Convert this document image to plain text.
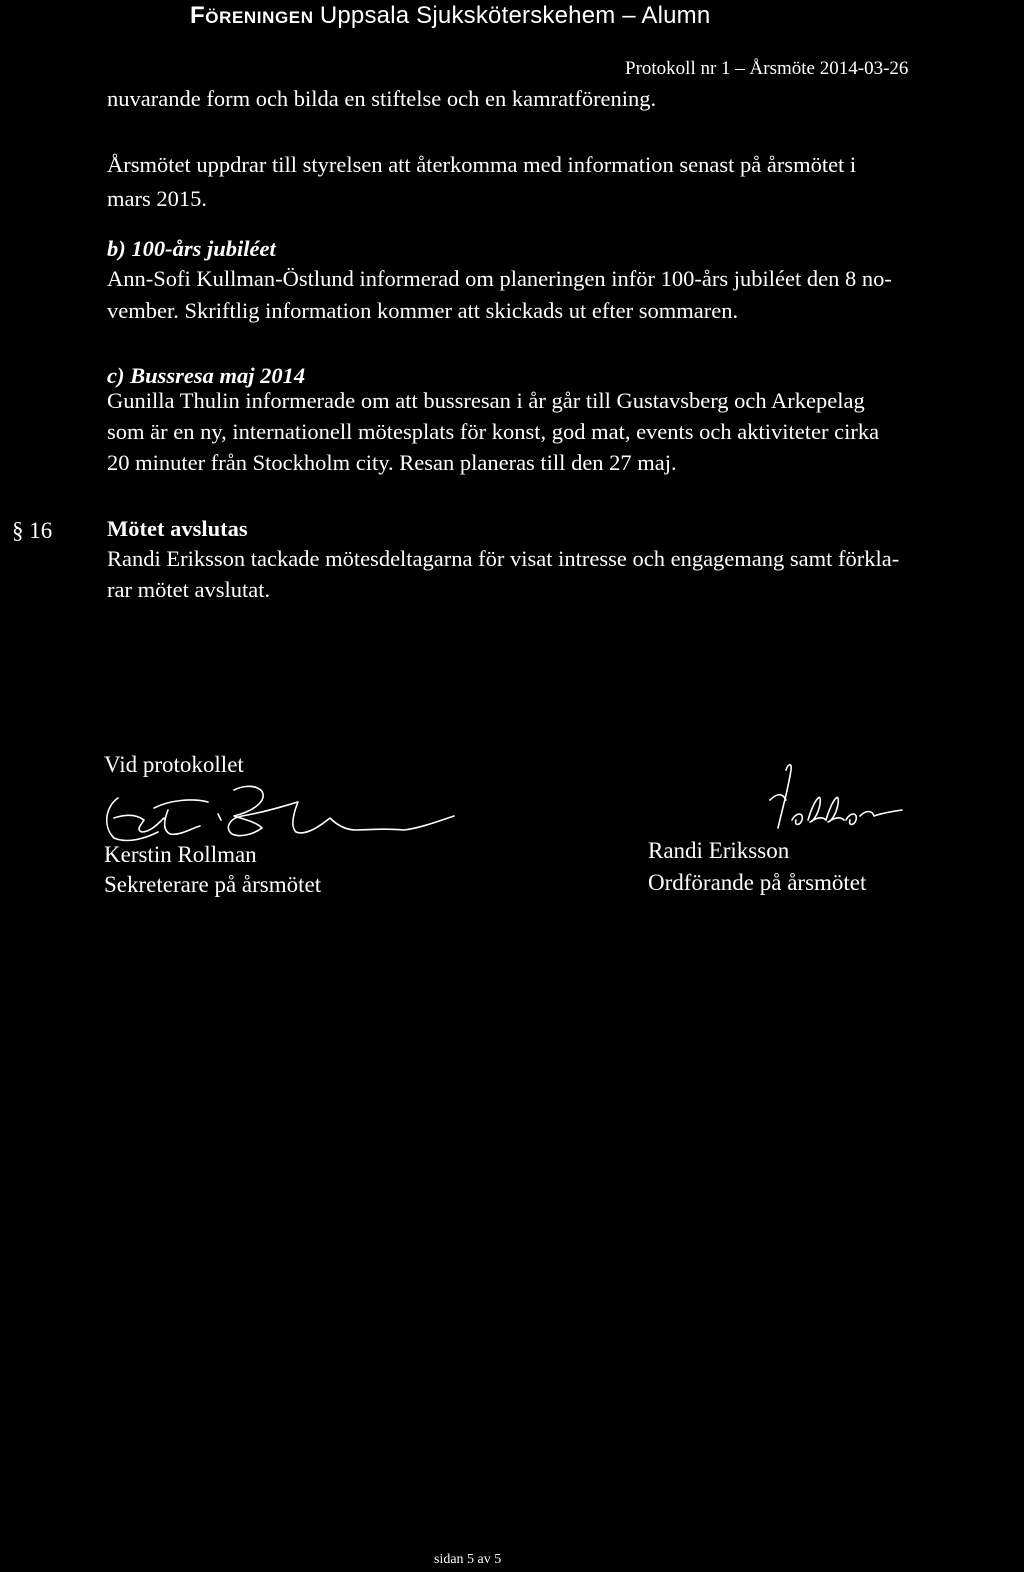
Föreningen Uppsala Sjuksköterskehem – Alumn
Protokoll nr 1 – Årsmöte 2014-03-26
nuvarande form och bilda en stiftelse och en kamratförening.
Årsmötet uppdrar till styrelsen att återkomma med information senast på årsmötet i
mars 2015.
b) 100-års jubiléet
Ann-Sofi Kullman-Östlund informerad om planeringen inför 100-års jubiléet den 8 no-
vember. Skriftlig information kommer att skickads ut efter sommaren.
c) Bussresa maj 2014
Gunilla Thulin informerade om att bussresan i år går till Gustavsberg och Arkepelag
som är en ny, internationell mötesplats för konst, god mat, events och aktiviteter cirka
20 minuter från Stockholm city. Resan planeras till den 27 maj.
§ 16 Mötet avslutas
Randi Eriksson tackade mötesdeltagarna för visat intresse och engagemang samt förkla-
rar mötet avslutat.
Vid protokollet
Kerstin Rollman
Sekreterare på årsmötet
Randi Eriksson
Ordförande på årsmötet
sidan 5 av 5
